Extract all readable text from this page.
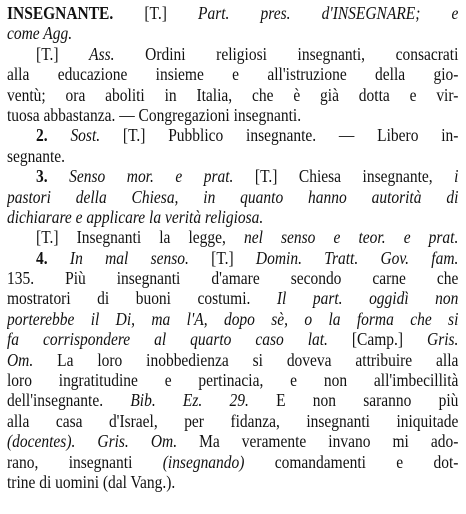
INSEGNANTE. [T.] Part. pres. d'INSEGNARE; e
come Agg.
[T.] Ass. Ordini religiosi insegnanti, consacrati
alla educazione insieme e all'istruzione della gio-
ventù; ora aboliti in Italia, che è già dotta e vir-
tuosa abbastanza. — Congregazioni insegnanti.
2. Sost. [T.] Pubblico insegnante. — Libero in-
segnante.
3. Senso mor. e prat. [T.] Chiesa insegnante, i
pastori della Chiesa, in quanto hanno autorità di
dichiarare e applicare la verità religiosa.
[T.] Insegnanti la legge, nel senso e teor. e prat.
4. In mal senso. [T.] Domin. Tratt. Gov. fam.
135. Più insegnanti d'amare secondo carne che
mostratori di buoni costumi. Il part. oggidì non
porterebbe il Di, ma l'A, dopo sè, o la forma che si
fa corrispondere al quarto caso lat. [Camp.] Gris.
Om. La loro inobbedienza si doveva attribuire alla
loro ingratitudine e pertinacia, e non all'imbecillità
dell'insegnante. Bib. Ez. 29. E non saranno più
alla casa d'Israel, per fidanza, insegnanti iniquitade
(docentes). Gris. Om. Ma veramente invano mi ado-
rano, insegnanti (insegnando) comandamenti e dot-
trine di uomini (dal Vang.).
